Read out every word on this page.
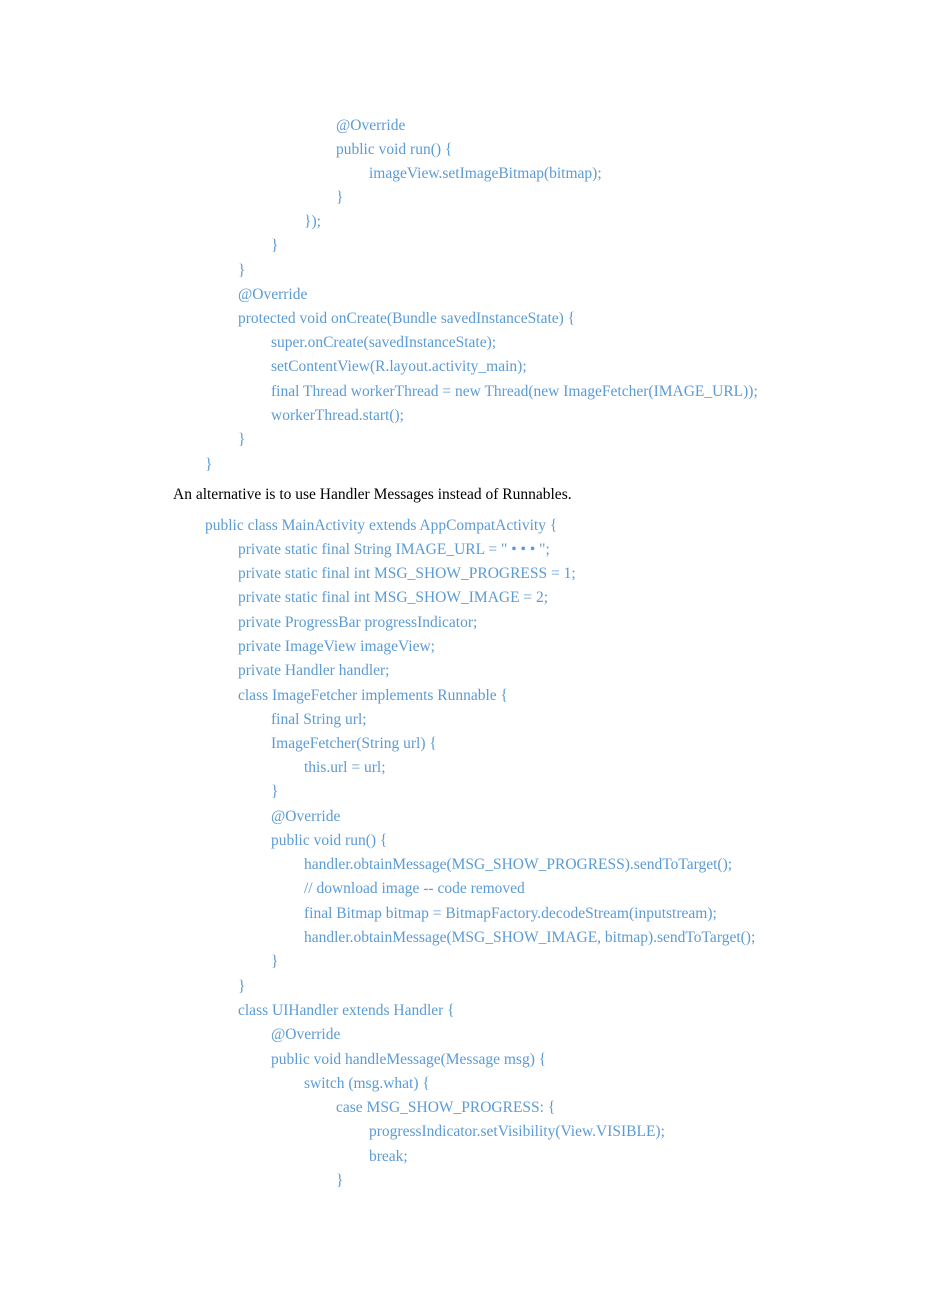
@Override
public void run() {
imageView.setImageBitmap(bitmap);
}
});
}
}
@Override
protected void onCreate(Bundle savedInstanceState) {
super.onCreate(savedInstanceState);
setContentView(R.layout.activity_main);
final Thread workerThread = new Thread(new ImageFetcher(IMAGE_URL));
workerThread.start();
}
}
An alternative is to use Handler Messages instead of Runnables.
public class MainActivity extends AppCompatActivity {
private static final String IMAGE_URL = " • • • ";
private static final int MSG_SHOW_PROGRESS = 1;
private static final int MSG_SHOW_IMAGE = 2;
private ProgressBar progressIndicator;
private ImageView imageView;
private Handler handler;
class ImageFetcher implements Runnable {
final String url;
ImageFetcher(String url) {
this.url = url;
}
@Override
public void run() {
handler.obtainMessage(MSG_SHOW_PROGRESS).sendToTarget();
// download image -- code removed
final Bitmap bitmap = BitmapFactory.decodeStream(inputstream);
handler.obtainMessage(MSG_SHOW_IMAGE, bitmap).sendToTarget();
}
}
class UIHandler extends Handler {
@Override
public void handleMessage(Message msg) {
switch (msg.what) {
case MSG_SHOW_PROGRESS: {
progressIndicator.setVisibility(View.VISIBLE);
break;
}
